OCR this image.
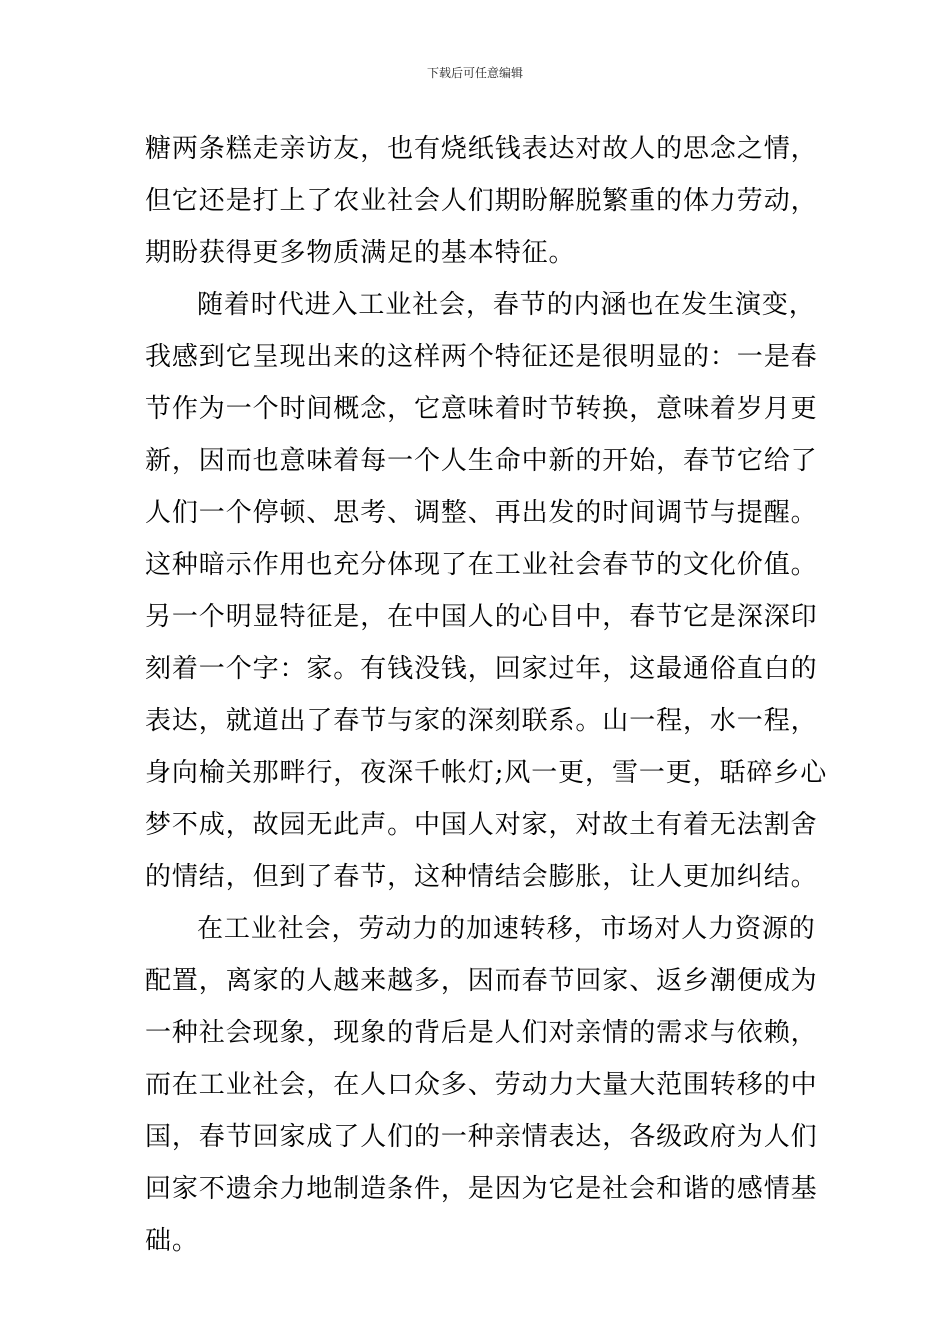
下载后可任意编辑
糖两条糕走亲访友，也有烧纸钱表达对故人的思念之情，
但它还是打上了农业社会人们期盼解脱繁重的体力劳动，
期盼获得更多物质满足的基本特征。
随着时代进入工业社会，春节的内涵也在发生演变，
我感到它呈现出来的这样两个特征还是很明显的：一是春
节作为一个时间概念，它意味着时节转换，意味着岁月更
新，因而也意味着每一个人生命中新的开始，春节它给了
人们一个停顿、思考、调整、再出发的时间调节与提醒。
这种暗示作用也充分体现了在工业社会春节的文化价值。
另一个明显特征是，在中国人的心目中，春节它是深深印
刻着一个字：家。有钱没钱，回家过年，这最通俗直白的
表达，就道出了春节与家的深刻联系。山一程，水一程，
身向榆关那畔行，夜深千帐灯;风一更，雪一更，聒碎乡心
梦不成，故园无此声。中国人对家，对故土有着无法割舍
的情结，但到了春节，这种情结会膨胀，让人更加纠结。
在工业社会，劳动力的加速转移，市场对人力资源的
配置，离家的人越来越多，因而春节回家、返乡潮便成为
一种社会现象，现象的背后是人们对亲情的需求与依赖，
而在工业社会，在人口众多、劳动力大量大范围转移的中
国，春节回家成了人们的一种亲情表达，各级政府为人们
回家不遗余力地制造条件，是因为它是社会和谐的感情基
础。
